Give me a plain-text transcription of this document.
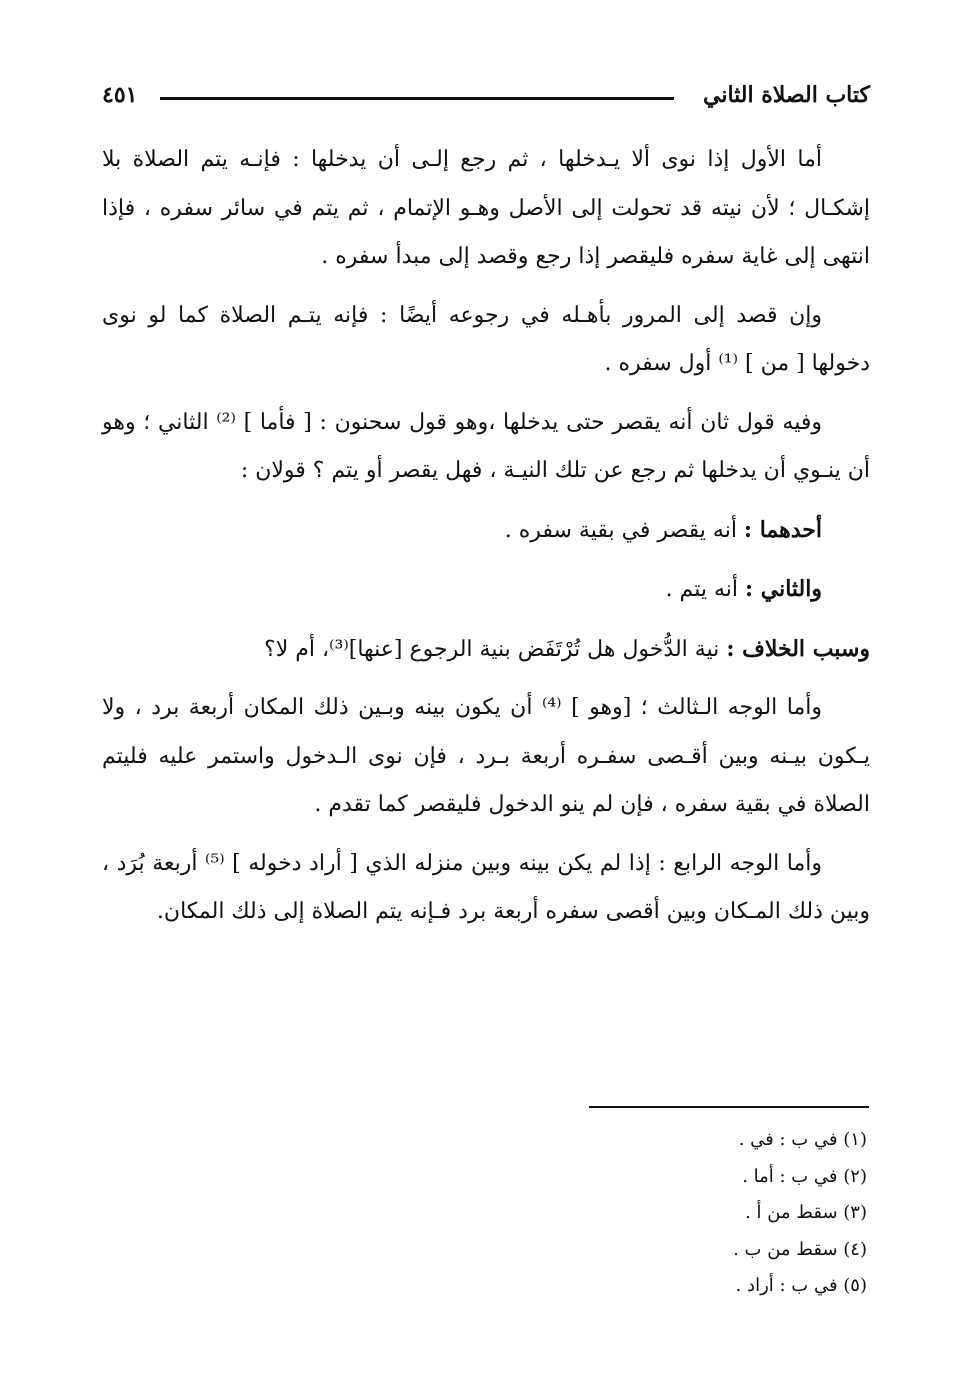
كتاب الصلاة الثاني
٤٥١

أما الأول إذا نوى ألا يـدخلها ، ثم رجع إلـى أن يدخلها : فإنـه يتم الصلاة بلا إشكـال ؛ لأن نيته قد تحولت إلى الأصل وهـو الإتمام ، ثم يتم في سائر سفره ، فإذا انتهى إلى غاية سفره فليقصر إذا رجع وقصد إلى مبدأ سفره .

وإن قصد إلى المرور بأهـله في رجوعه أيضًا : فإنه يتـم الصلاة كما لو نوى دخولها [ من ] ⁽¹⁾ أول سفره .

وفيه قول ثان أنه يقصر حتى يدخلها ،وهو قول سحنون : [ فأما ] ⁽²⁾ الثاني ؛ وهو أن ينـوي أن يدخلها ثم رجع عن تلك النيـة ، فهل يقصر أو يتم ؟ قولان :

أحدهما : أنه يقصر في بقية سفره .

والثاني : أنه يتم .

وسبب الخلاف : نية الدُّخول هل تُرْتَفَض بنية الرجوع [عنها]⁽³⁾، أم لا؟

وأما الوجه الـثالث ؛ [وهو ] ⁽⁴⁾ أن يكون بينه وبـين ذلك المكان أربعة برد ، ولا يـكون بيـنه وبين أقـصى سفـره أربعة بـرد ، فإن نوى الـدخول واستمر عليه فليتم الصلاة في بقية سفره ، فإن لم ينو الدخول فليقصر كما تقدم .

وأما الوجه الرابع : إذا لم يكن بينه وبين منزله الذي [ أراد دخوله ] ⁽⁵⁾ أربعة بُرَد ، وبين ذلك المـكان وبين أقصى سفره أربعة برد فـإنه يتم الصلاة إلى ذلك المكان.

(١) في ب : في .
(٢) في ب : أما .
(٣) سقط من أ .
(٤) سقط من ب .
(٥) في ب : أراد .
